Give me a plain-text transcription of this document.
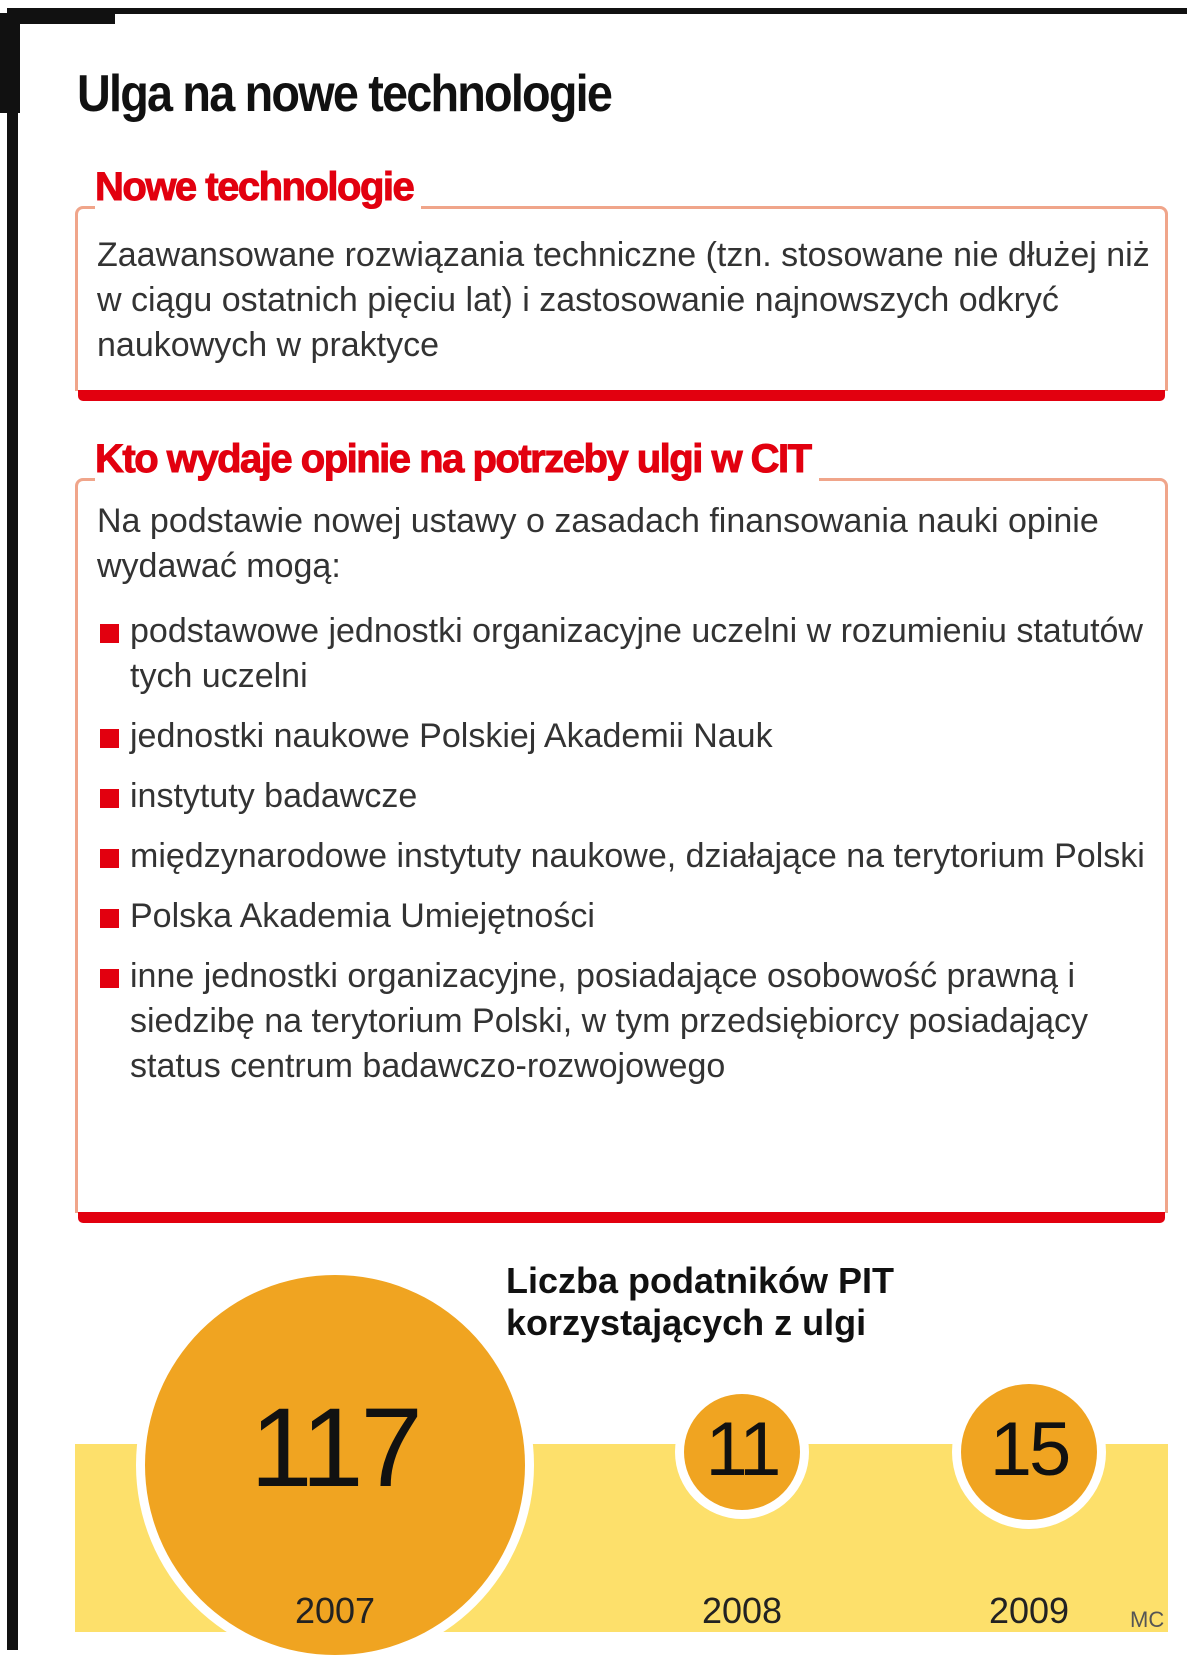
Ulga na nowe technologie
Nowe technologie

Zaawansowane rozwiązania techniczne (tzn. stosowane nie dłużej niż w ciągu ostatnich pięciu lat) i zastosowanie najnowszych odkryć naukowych w praktyce

Kto wydaje opinie na potrzeby ulgi w CIT

Na podstawie nowej ustawy o zasadach finansowania nauki opinie wydawać mogą:

podstawowe jednostki organizacyjne uczelni w rozumieniu statutów tych uczelni
jednostki naukowe Polskiej Akademii Nauk
instytuty badawcze
międzynarodowe instytuty naukowe, działające na terytorium Polski
Polska Akademia Umiejętności
inne jednostki organizacyjne, posiadające osobowość prawną i siedzibę na terytorium Polski, w tym przedsiębiorcy posiadający status centrum badawczo-rozwojowego
Liczba podatników PIT korzystających z ulgi
117
2007
11
2008
15
2009	MC
